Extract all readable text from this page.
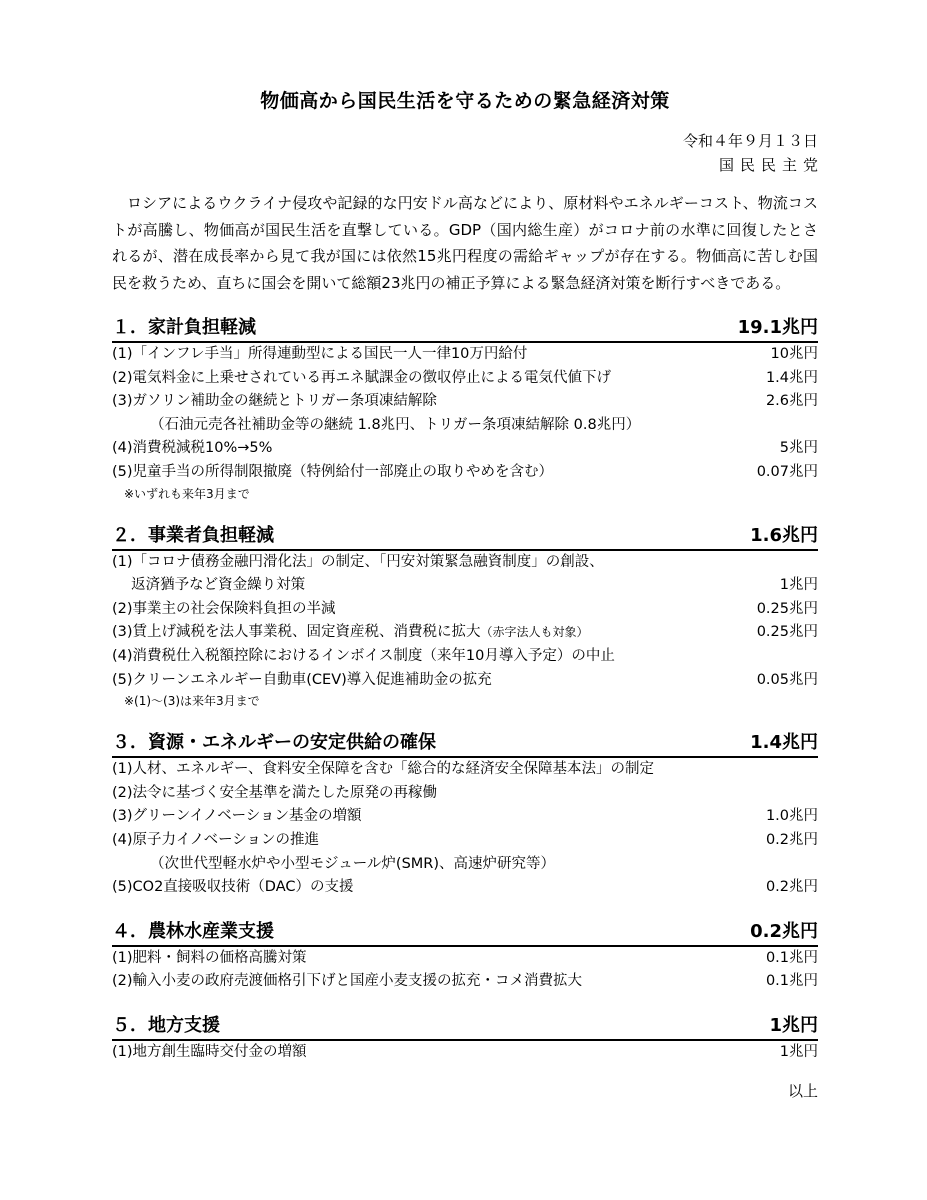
物価高から国民生活を守るための緊急経済対策
令和４年９月１３日
国民民主党
ロシアによるウクライナ侵攻や記録的な円安ドル高などにより、原材料やエネルギーコスト、物流コストが高騰し、物価高が国民生活を直撃している。GDP（国内総生産）がコロナ前の水準に回復したとされるが、潜在成長率から見て我が国には依然15兆円程度の需給ギャップが存在する。物価高に苦しむ国民を救うため、直ちに国会を開いて総額23兆円の補正予算による緊急経済対策を断行すべきである。
１．家計負担軽減	19.1兆円
(1)「インフレ手当」所得連動型による国民一人一律10万円給付	10兆円
(2)電気料金に上乗せされている再エネ賦課金の徴収停止による電気代値下げ	1.4兆円
(3)ガソリン補助金の継続とトリガー条項凍結解除	2.6兆円
（石油元売各社補助金等の継続 1.8兆円、トリガー条項凍結解除 0.8兆円）
(4)消費税減税10%→5%	5兆円
(5)児童手当の所得制限撤廃（特例給付一部廃止の取りやめを含む）	0.07兆円
※いずれも来年3月まで
２．事業者負担軽減	1.6兆円
(1)「コロナ債務金融円滑化法」の制定、「円安対策緊急融資制度」の創設、
　 返済猶予など資金繰り対策	1兆円
(2)事業主の社会保険料負担の半減	0.25兆円
(3)賃上げ減税を法人事業税、固定資産税、消費税に拡大（赤字法人も対象）	0.25兆円
(4)消費税仕入税額控除におけるインボイス制度（来年10月導入予定）の中止
(5)クリーンエネルギー自動車(CEV)導入促進補助金の拡充	0.05兆円
※(1)～(3)は来年3月まで
３．資源・エネルギーの安定供給の確保	1.4兆円
(1)人材、エネルギー、食料安全保障を含む「総合的な経済安全保障基本法」の制定
(2)法令に基づく安全基準を満たした原発の再稼働
(3)グリーンイノベーション基金の増額	1.0兆円
(4)原子力イノベーションの推進	0.2兆円
（次世代型軽水炉や小型モジュール炉(SMR)、高速炉研究等）
(5)CO2直接吸収技術（DAC）の支援	0.2兆円
４．農林水産業支援	0.2兆円
(1)肥料・飼料の価格高騰対策	0.1兆円
(2)輸入小麦の政府売渡価格引下げと国産小麦支援の拡充・コメ消費拡大	0.1兆円
５．地方支援	1兆円
(1)地方創生臨時交付金の増額	1兆円
以上
